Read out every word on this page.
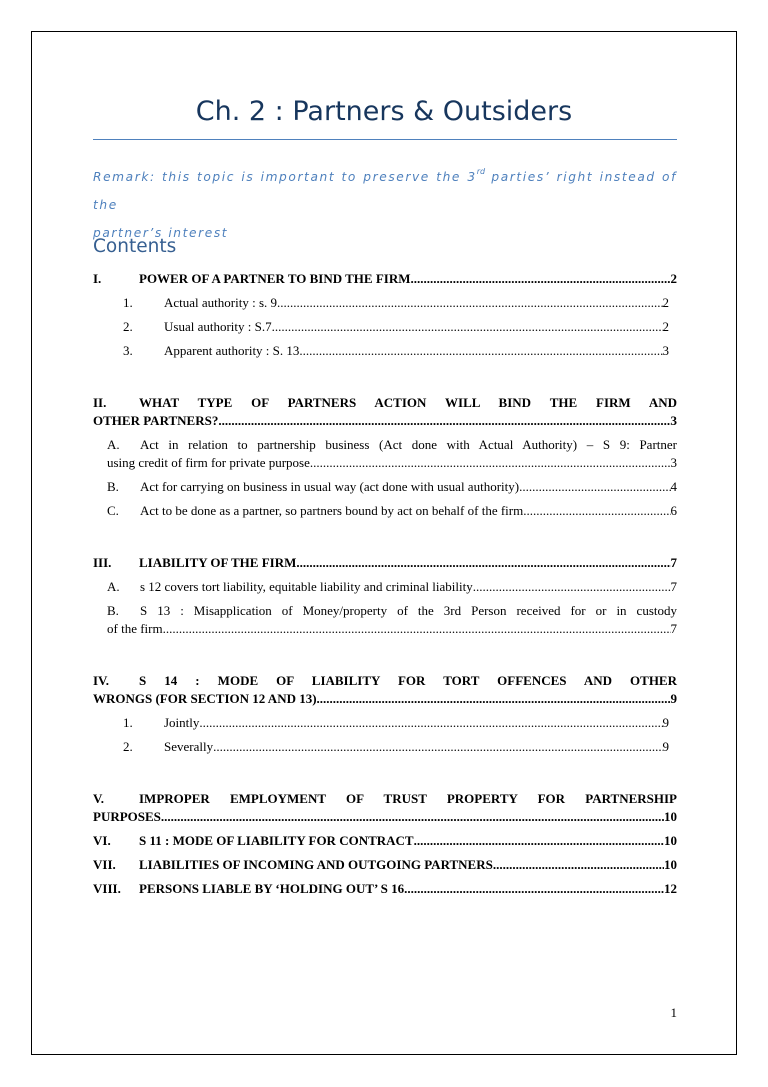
Ch. 2 : Partners & Outsiders
Remark: this topic is important to preserve the 3rd parties’ right instead of the
partner’s interest
Contents
I.	POWER OF A PARTNER TO BIND THE FIRM .....	2
1.	Actual authority : s. 9 .....	2
2.	Usual authority : S.7 .....	2
3.	Apparent authority : S. 13 .....	3
II.	WHAT TYPE OF PARTNERS ACTION WILL BIND THE FIRM AND
OTHER PARTNERS? .....	3
A. Act in relation to partnership business (Act done with Actual Authority) – S 9: Partner
using credit of firm for private purpose .....	3
B.	Act for carrying on business in usual way (act done with usual authority) .....	4
C.	Act to be done as a partner, so partners bound by act on behalf of the firm .....	6
III.	LIABILITY OF THE FIRM .....	7
A.	s 12 covers tort liability, equitable liability and criminal liability .....	7
B. S 13 : Misapplication of Money/property of the 3rd Person received for or in custody
of the firm. .....	7
IV. S 14 : MODE OF LIABILITY FOR TORT OFFENCES AND OTHER
WRONGS (FOR SECTION 12 AND 13) .....	9
1.	Jointly .....	9
2.	Severally .....	9
V.	IMPROPER EMPLOYMENT OF TRUST PROPERTY FOR PARTNERSHIP
PURPOSES .....	10
VI.	S 11 : MODE OF LIABILITY FOR CONTRACT .....	10
VII.	LIABILITIES OF INCOMING AND OUTGOING PARTNERS .....	10
VIII.	PERSONS LIABLE BY ‘HOLDING OUT’ S 16 .....	12
1
